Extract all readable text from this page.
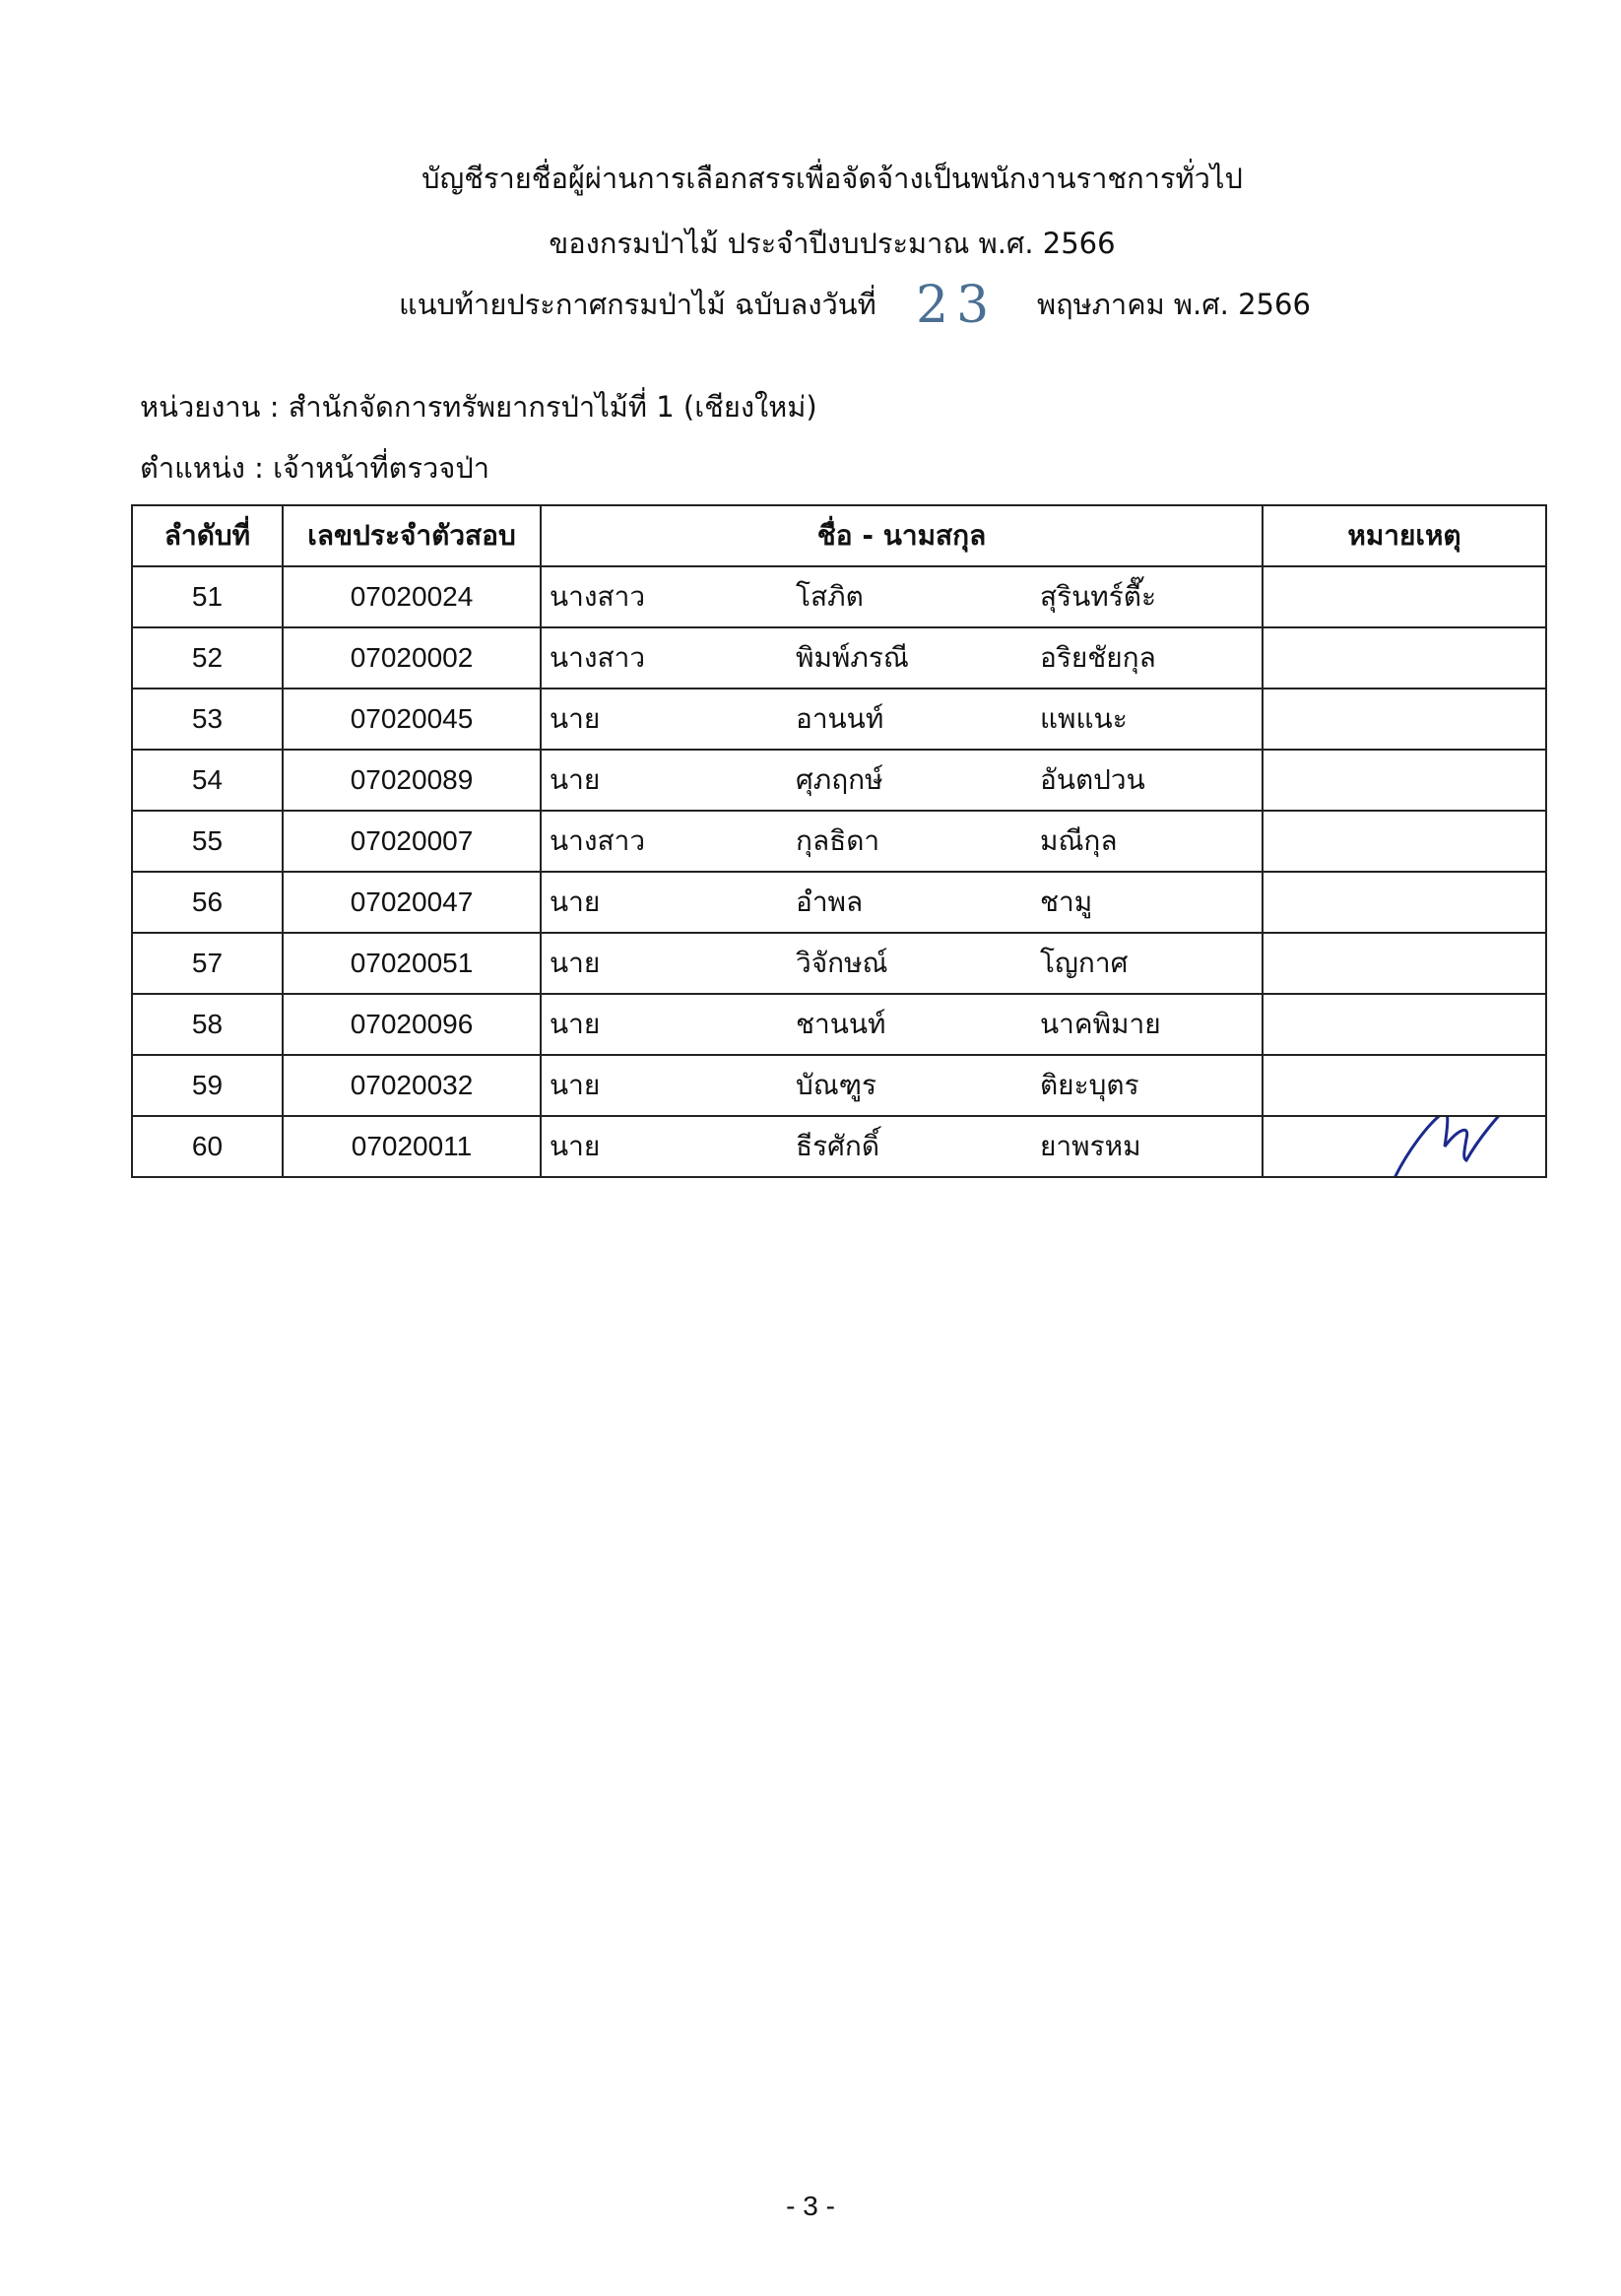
บัญชีรายชื่อผู้ผ่านการเลือกสรรเพื่อจัดจ้างเป็นพนักงานราชการทั่วไป
ของกรมป่าไม้ ประจำปีงบประมาณ พ.ศ. 2566
แนบท้ายประกาศกรมป่าไม้ ฉบับลงวันที่ 23 พฤษภาคม พ.ศ. 2566
หน่วยงาน : สำนักจัดการทรัพยากรป่าไม้ที่ 1 (เชียงใหม่)
ตำแหน่ง : เจ้าหน้าที่ตรวจป่า
ลำดับที่	เลขประจำตัวสอบ	ชื่อ - นามสกุล	หมายเหตุ
51	07020024	นางสาว โสภิต สุรินทร์ตื๊ะ	

52	07020002	นางสาว พิมพ์ภรณี อริยชัยกุล	

53	07020045	นาย อานนท์ แพแนะ	

54	07020089	นาย ศุภฤกษ์ อันตปวน	

55	07020007	นางสาว กุลธิดา มณีกุล	

56	07020047	นาย อำพล ชามู	

57	07020051	นาย วิจักษณ์ โญกาศ	

58	07020096	นาย ชานนท์ นาคพิมาย	

59	07020032	นาย บัณฑูร ติยะบุตร	

60	07020011	นาย ธีรศักดิ์ ยาพรหม

- 3 -
